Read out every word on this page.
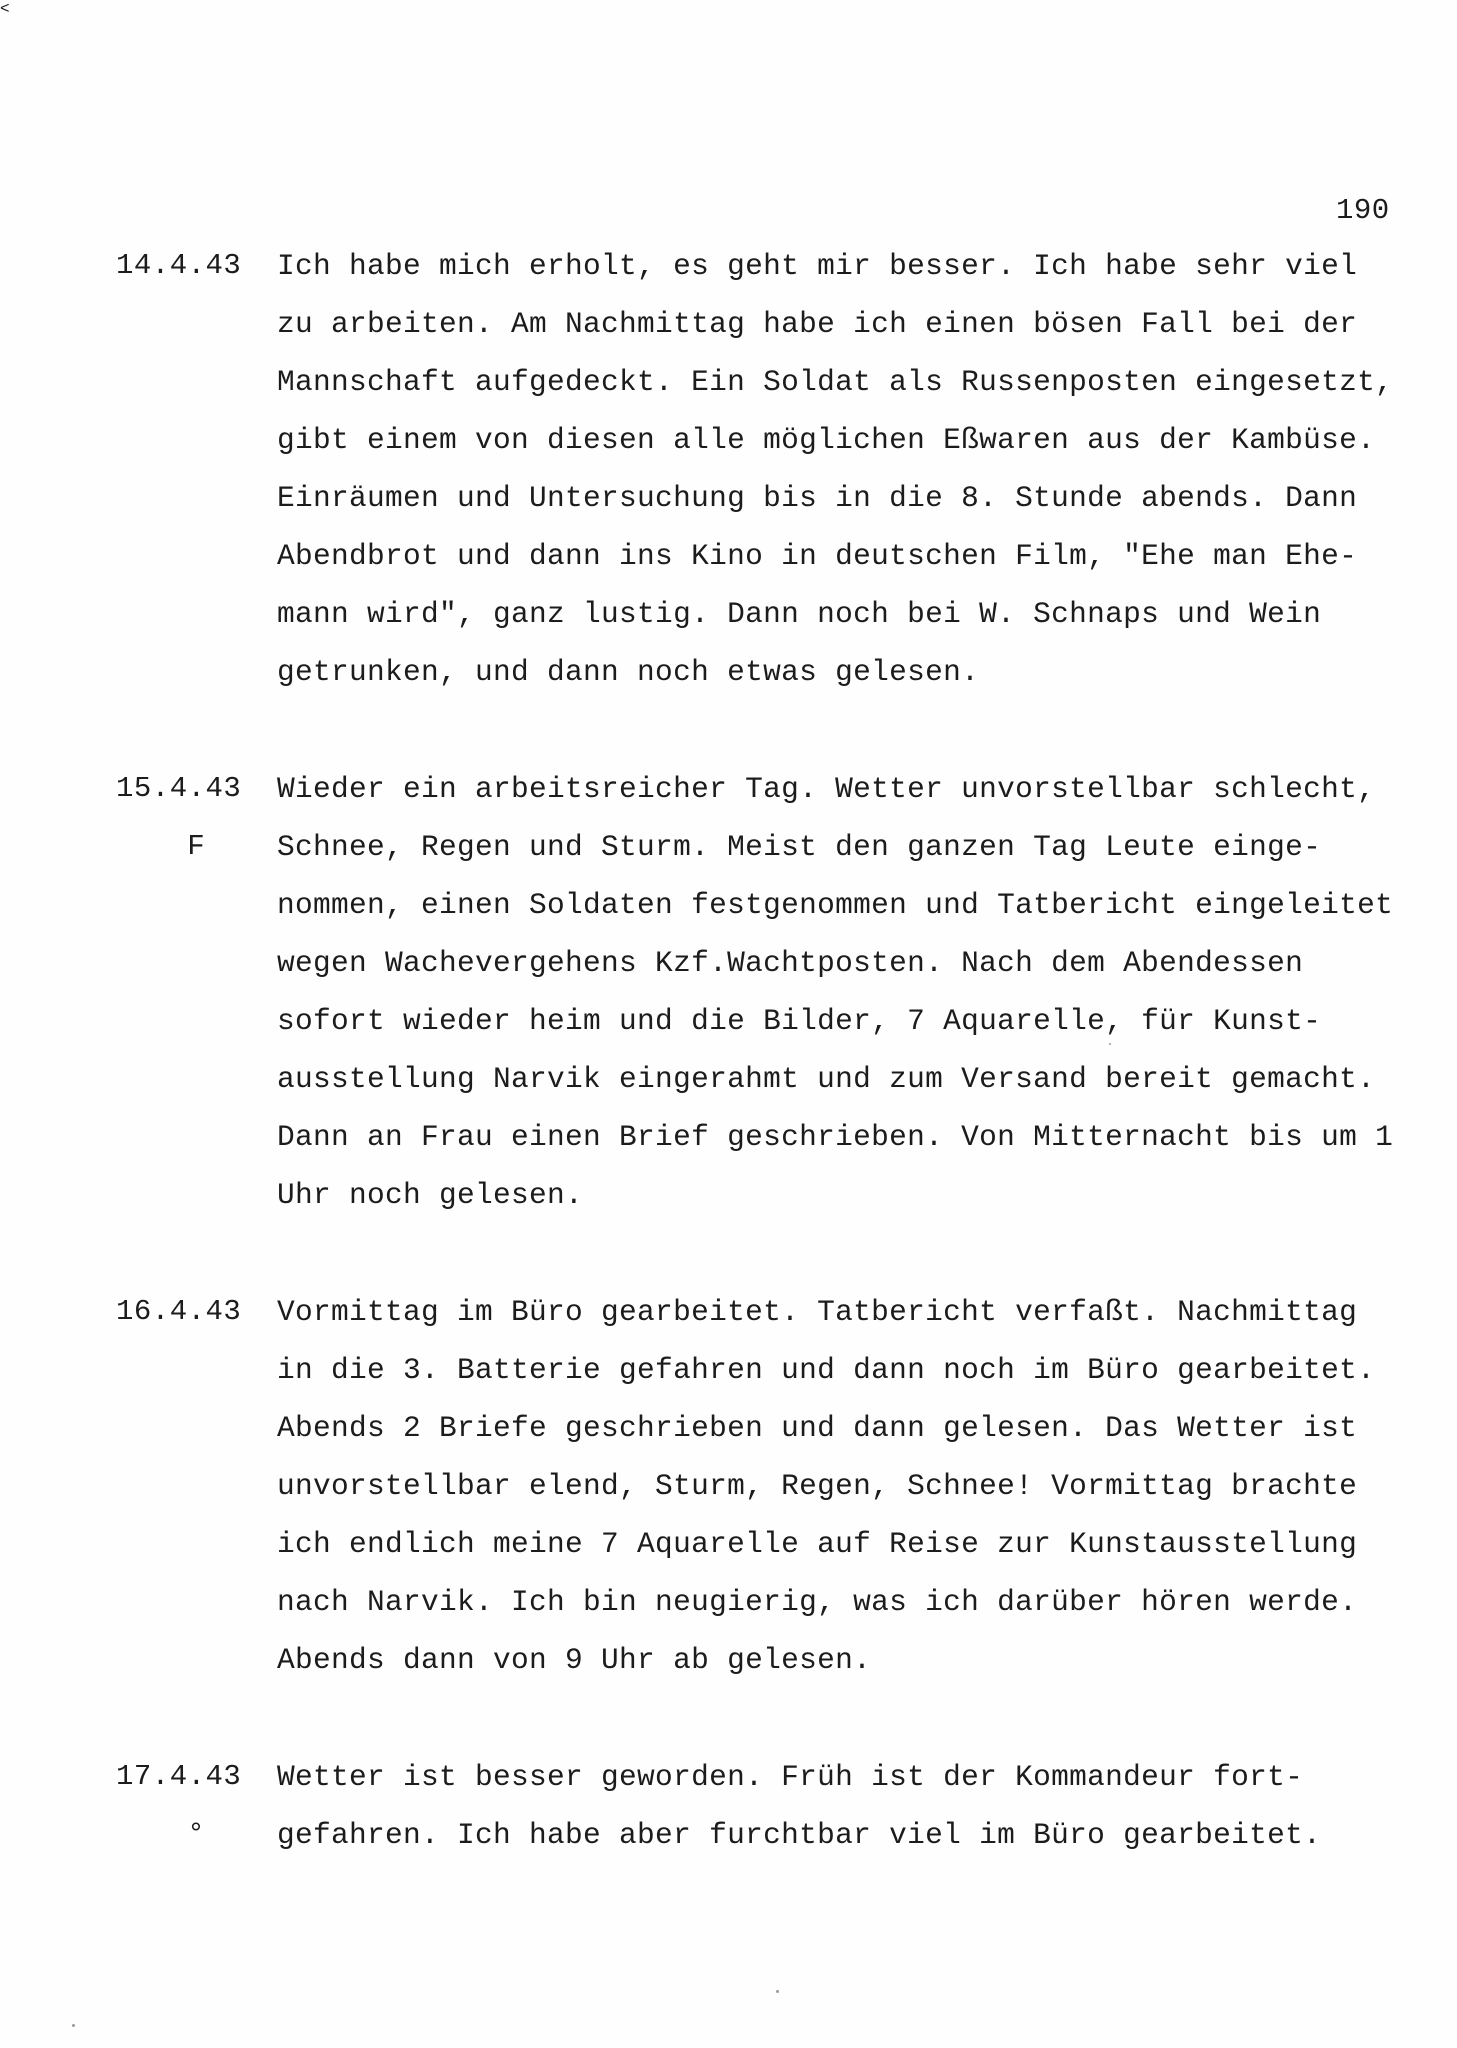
190
14.4.43 Ich habe mich erholt, es geht mir besser. Ich habe sehr viel
zu arbeiten. Am Nachmittag habe ich einen bösen Fall bei der
Mannschaft aufgedeckt. Ein Soldat als Russenposten eingesetzt,
gibt einem von diesen alle möglichen Eßwaren aus der Kambüse.
Einräumen und Untersuchung bis in die 8. Stunde abends. Dann
Abendbrot und dann ins Kino in deutschen Film, "Ehe man Ehe-
mann wird", ganz lustig. Dann noch bei W. Schnaps und Wein
getrunken, und dann noch etwas gelesen.
15.4.43
F
Wieder ein arbeitsreicher Tag. Wetter unvorstellbar schlecht,
Schnee, Regen und Sturm. Meist den ganzen Tag Leute einge-
nommen, einen Soldaten festgenommen und Tatbericht eingeleitet
wegen Wachevergehens Kzf.Wachtposten. Nach dem Abendessen
sofort wieder heim und die Bilder, 7 Aquarelle, für Kunst-
ausstellung Narvik eingerahmt und zum Versand bereit gemacht.
Dann an Frau einen Brief geschrieben. Von Mitternacht bis um 1
Uhr noch gelesen.
16.4.43 Vormittag im Büro gearbeitet. Tatbericht verfaßt. Nachmittag
in die 3. Batterie gefahren und dann noch im Büro gearbeitet.
Abends 2 Briefe geschrieben und dann gelesen. Das Wetter ist
unvorstellbar elend, Sturm, Regen, Schnee! Vormittag brachte
ich endlich meine 7 Aquarelle auf Reise zur Kunstausstellung
nach Narvik. Ich bin neugierig, was ich darüber hören werde.
Abends dann von 9 Uhr ab gelesen.
<
17.4.43
°
Wetter ist besser geworden. Früh ist der Kommandeur fort-
gefahren. Ich habe aber furchtbar viel im Büro gearbeitet.
